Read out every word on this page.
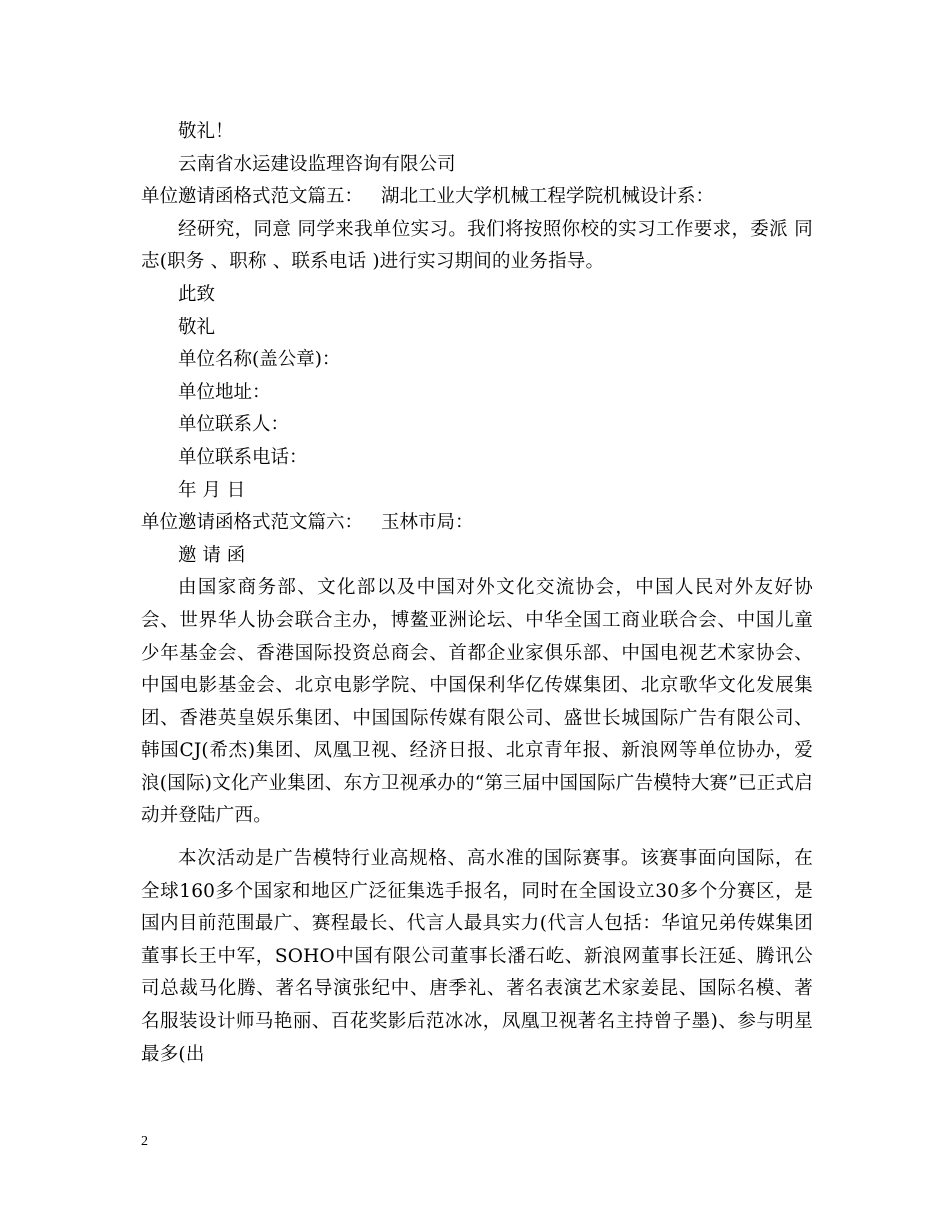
敬礼！
云南省水运建设监理咨询有限公司
单位邀请函格式范文篇五： 湖北工业大学机械工程学院机械设计系：
经研究，同意 同学来我单位实习。我们将按照你校的实习工作要求，委派 同志(职务 、职称 、联系电话 )进行实习期间的业务指导。
此致
敬礼
单位名称(盖公章)：
单位地址：
单位联系人：
单位联系电话：
年 月 日
单位邀请函格式范文篇六： 玉林市局：
邀 请 函
由国家商务部、文化部以及中国对外文化交流协会，中国人民对外友好协会、世界华人协会联合主办，博鳌亚洲论坛、中华全国工商业联合会、中国儿童少年基金会、香港国际投资总商会、首都企业家俱乐部、中国电视艺术家协会、中国电影基金会、北京电影学院、中国保利华亿传媒集团、北京歌华文化发展集团、香港英皇娱乐集团、中国国际传媒有限公司、盛世长城国际广告有限公司、韩国CJ(希杰)集团、凤凰卫视、经济日报、北京青年报、新浪网等单位协办，爱浪(国际)文化产业集团、东方卫视承办的“第三届中国国际广告模特大赛”已正式启动并登陆广西。
本次活动是广告模特行业高规格、高水准的国际赛事。该赛事面向国际，在全球160多个国家和地区广泛征集选手报名，同时在全国设立30多个分赛区，是国内目前范围最广、赛程最长、代言人最具实力(代言人包括：华谊兄弟传媒集团董事长王中军，SOHO中国有限公司董事长潘石屹、新浪网董事长汪延、腾讯公司总裁马化腾、著名导演张纪中、唐季礼、著名表演艺术家姜昆、国际名模、著名服装设计师马艳丽、百花奖影后范冰冰，凤凰卫视著名主持曾子墨)、参与明星最多(出
2
